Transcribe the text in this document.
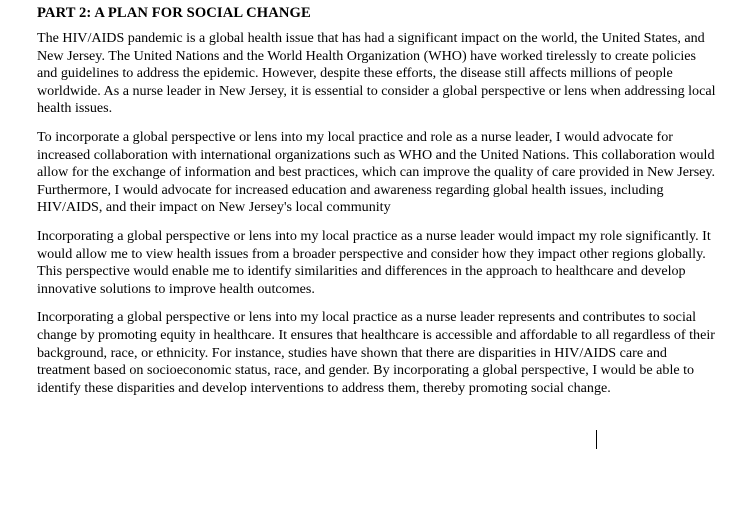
PART 2: A PLAN FOR SOCIAL CHANGE

The HIV/AIDS pandemic is a global health issue that has had a significant impact on the world, the United States, and New Jersey. The United Nations and the World Health Organization (WHO) have worked tirelessly to create policies and guidelines to address the epidemic. However, despite these efforts, the disease still affects millions of people worldwide. As a nurse leader in New Jersey, it is essential to consider a global perspective or lens when addressing local health issues.

To incorporate a global perspective or lens into my local practice and role as a nurse leader, I would advocate for increased collaboration with international organizations such as WHO and the United Nations. This collaboration would allow for the exchange of information and best practices, which can improve the quality of care provided in New Jersey. Furthermore, I would advocate for increased education and awareness regarding global health issues, including HIV/AIDS, and their impact on New Jersey's local community

Incorporating a global perspective or lens into my local practice as a nurse leader would impact my role significantly. It would allow me to view health issues from a broader perspective and consider how they impact other regions globally. This perspective would enable me to identify similarities and differences in the approach to healthcare and develop innovative solutions to improve health outcomes.

Incorporating a global perspective or lens into my local practice as a nurse leader represents and contributes to social change by promoting equity in healthcare. It ensures that healthcare is accessible and affordable to all regardless of their background, race, or ethnicity. For instance, studies have shown that there are disparities in HIV/AIDS care and treatment based on socioeconomic status, race, and gender. By incorporating a global perspective, I would be able to identify these disparities and develop interventions to address them, thereby promoting social change.
